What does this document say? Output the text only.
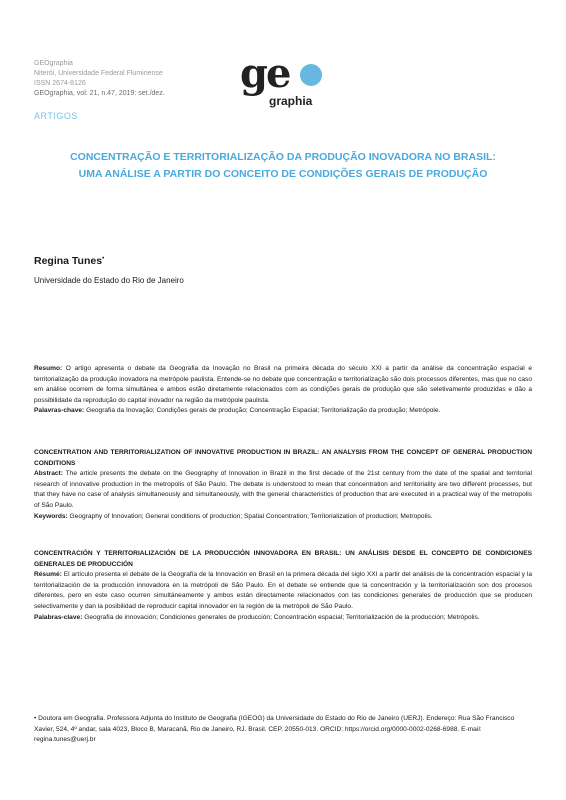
GEOgraphia
Niterói, Universidade Federal Fluminense
ISSN 2674-8126
GEOgraphia, vol: 21, n.47, 2019: set./dez. ge
graphia
ARTIGOS
CONCENTRAÇÃO E TERRITORIALIZAÇÃO DA PRODUÇÃO INOVADORA NO BRASIL:
UMA ANÁLISE A PARTIR DO CONCEITO DE CONDIÇÕES GERAIS DE PRODUÇÃO
Regina Tunes•
Universidade do Estado do Rio de Janeiro
Resumo: O artigo apresenta o debate da Geografia da Inovação no Brasil na primeira década do século XXI a partir da análise da concentração espacial e territorialização da produção inovadora na metrópole paulista. Entende-se no debate que concentração e territorialização são dois processos diferentes, mas que no caso em análise ocorrem de forma simultânea e ambos estão diretamente relacionados com as condições gerais de produção que são seletivamente produzidas e dão a possibilidade da reprodução do capital inovador na região da metrópole paulista.
Palavras-chave: Geografia da Inovação; Condições gerais de produção; Concentração Espacial; Territorialização da produção; Metrópole.
CONCENTRATION AND TERRITORIALIZATION OF INNOVATIVE PRODUCTION IN BRAZIL: AN ANALYSIS FROM THE CONCEPT OF GENERAL PRODUCTION CONDITIONS
Abstract: The article presents the debate on the Geography of Innovation in Brazil in the first decade of the 21st century from the date of the spatial and territorial research of innovative production in the metropolis of São Paulo. The debate is understood to mean that concentration and territoriality are two different processes, but that they have no case of analysis simultaneously and simultaneously, with the general characteristics of production that are executed in a practical way of the metropolis of São Paulo.
Keywords: Geography of Innovation; General conditions of production; Spatial Concentration; Territorialization of production; Metropolis.
CONCENTRACIÓN Y TERRITORIALIZACIÓN DE LA PRODUCCIÓN INNOVADORA EN BRASIL: UN ANÁLISIS DESDE EL CONCEPTO DE CONDICIONES GENERALES DE PRODUCCIÓN
Résumé: El artículo presenta el debate de la Geografía de la Innovación en Brasil en la primera década del siglo XXI a partir del análisis de la concentración espacial y la territorialización de la producción innovadora en la metrópoli de São Paulo. En el debate se entiende que la concentración y la territorialización son dos procesos diferentes, pero en este caso ocurren simultáneamente y ambos están directamente relacionados con las condiciones generales de producción que se producen selectivamente y dan la posibilidad de reproducir capital innovador en la región de la metrópoli de São Paulo.
Palabras-clave: Geografía de innovación; Condiciones generales de producción; Concentración espacial; Territorialización de la producción; Metrópolis.
• Doutora em Geografia. Professora Adjunta do Instituto de Geografia (IGEOG) da Universidade do Estado do Rio de Janeiro (UERJ). Endereço: Rua São Francisco Xavier, 524, 4º andar, sala 4023, Bloco B, Maracanã, Rio de Janeiro, RJ. Brasil. CEP. 20550-013. ORCID: https://orcid.org/0000-0002-0268-6988. E-mail: regina.tunes@uerj.br
